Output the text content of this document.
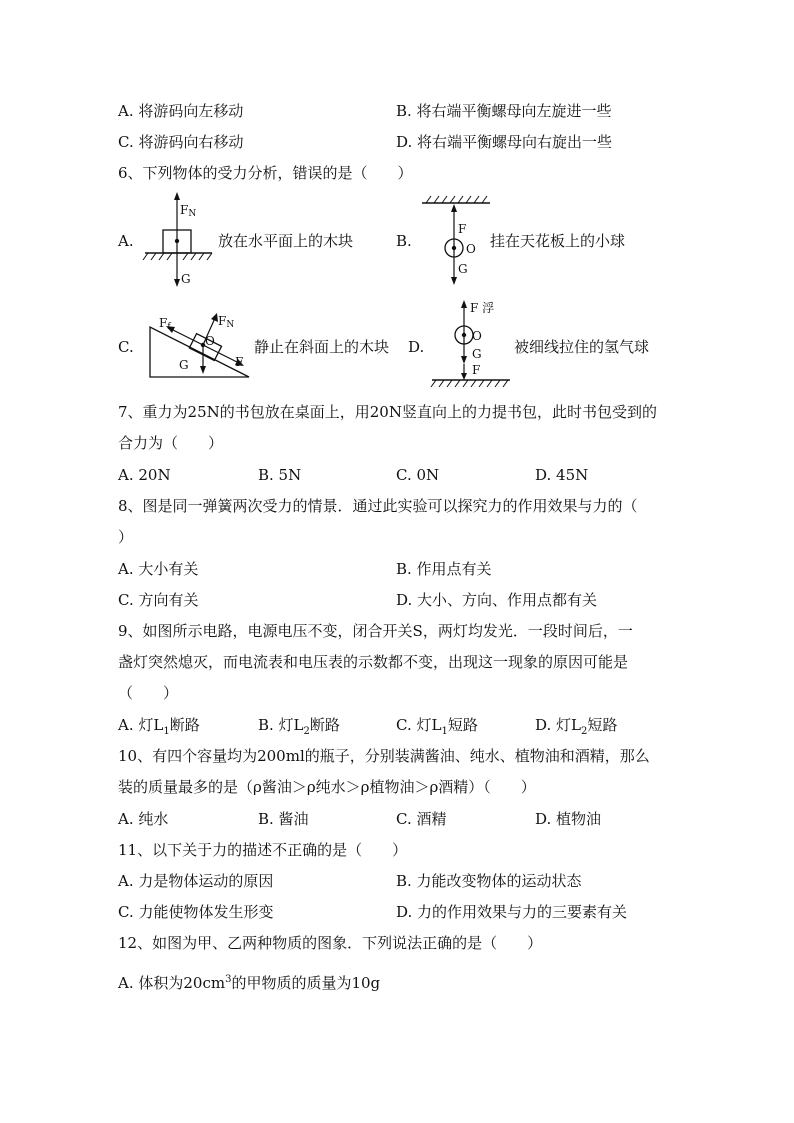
A. 将游码向左移动	B. 将右端平衡螺母向左旋进一些
C. 将游码向右移动	D. 将右端平衡螺母向右旋出一些
6、下列物体的受力分析，错误的是（　　）
A.
FN
G
放在水平面上的木块	B.
F
O
G
挂在天花板上的小球
C.
Ff	FN
O
G	F
静止在斜面上的木块 D.
F 浮
O
G
F
被细线拉住的氢气球
7、重力为25N的书包放在桌面上，用20N竖直向上的力提书包，此时书包受到的
合力为（　　）
A. 20N	B. 5N	C. 0N	D. 45N
8、图是同一弹簧两次受力的情景．通过此实验可以探究力的作用效果与力的（
）
A. 大小有关	B. 作用点有关
C. 方向有关	D. 大小、方向、作用点都有关
9、如图所示电路，电源电压不变，闭合开关S，两灯均发光．一段时间后，一
盏灯突然熄灭，而电流表和电压表的示数都不变，出现这一现象的原因可能是
（　　）
A. 灯$L_1$断路	B. 灯$L_2$断路	C. 灯$L_1$短路	D. 灯$L_2$短路
10、有四个容量均为200ml的瓶子，分别装满酱油、纯水、植物油和酒精，那么
装的质量最多的是（ρ酱油＞ρ纯水＞ρ植物油＞ρ酒精）（　　）
A. 纯水	B. 酱油	C. 酒精	D. 植物油
11、以下关于力的描述不正确的是（　　）
A. 力是物体运动的原因	B. 力能改变物体的运动状态
C. 力能使物体发生形变	D. 力的作用效果与力的三要素有关
12、如图为甲、乙两种物质的图象．下列说法正确的是（　　）
A. 体积为$20cm^3$的甲物质的质量为10g
